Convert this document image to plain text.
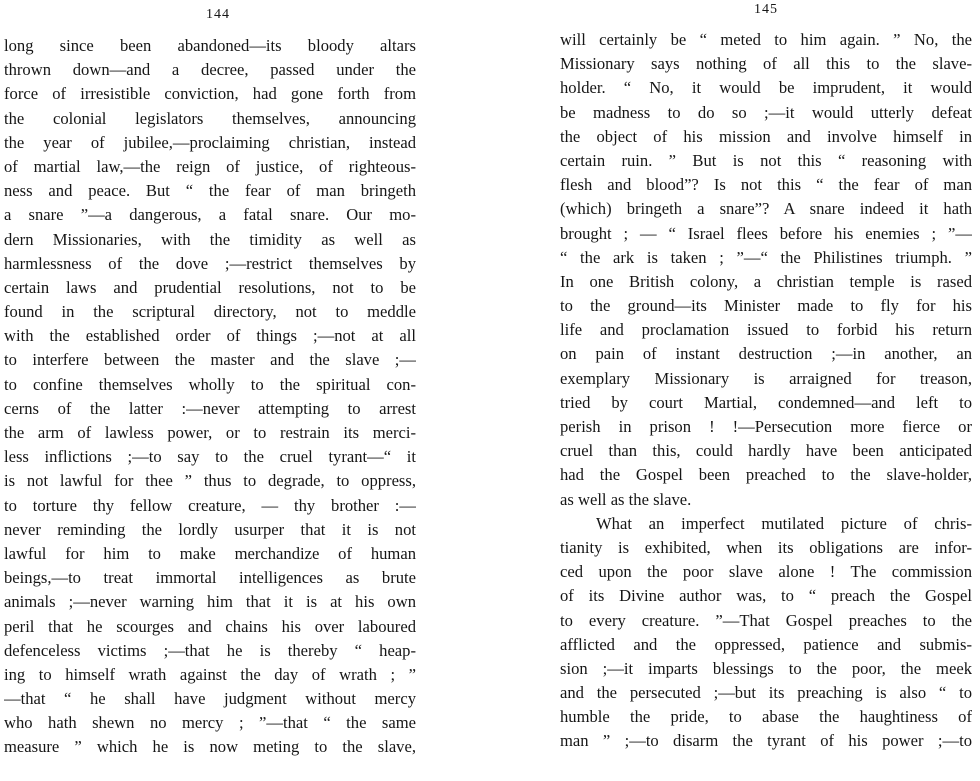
144
long since been abandoned—its bloody altars
thrown down—and a decree, passed under the
force of irresistible conviction, had gone forth from
the colonial legislators themselves, announcing
the year of jubilee,—proclaiming christian, instead
of martial law,—the reign of justice, of righteous-
ness and peace. But “ the fear of man bringeth
a snare ”—a dangerous, a fatal snare. Our mo-
dern Missionaries, with the timidity as well as
harmlessness of the dove ;—restrict themselves by
certain laws and prudential resolutions, not to be
found in the scriptural directory, not to meddle
with the established order of things ;—not at all
to interfere between the master and the slave ;—
to confine themselves wholly to the spiritual con-
cerns of the latter :—never attempting to arrest
the arm of lawless power, or to restrain its merci-
less inflictions ;—to say to the cruel tyrant—“ it
is not lawful for thee ” thus to degrade, to oppress,
to torture thy fellow creature, — thy brother :—
never reminding the lordly usurper that it is not
lawful for him to make merchandize of human
beings,—to treat immortal intelligences as brute
animals ;—never warning him that it is at his own
peril that he scourges and chains his over laboured
defenceless victims ;—that he is thereby “ heap-
ing to himself wrath against the day of wrath ; ”
—that “ he shall have judgment without mercy
who hath shewn no mercy ; ”—that “ the same
measure ” which he is now meting to the slave,
145
will certainly be “ meted to him again. ” No, the
Missionary says nothing of all this to the slave-
holder. “ No, it would be imprudent, it would
be madness to do so ;—it would utterly defeat
the object of his mission and involve himself in
certain ruin. ” But is not this “ reasoning with
flesh and blood”? Is not this “ the fear of man
(which) bringeth a snare”? A snare indeed it hath
brought ; — “ Israel flees before his enemies ; ”—
“ the ark is taken ; ”—“ the Philistines triumph. ”
In one British colony, a christian temple is rased
to the ground—its Minister made to fly for his
life and proclamation issued to forbid his return
on pain of instant destruction ;—in another, an
exemplary Missionary is arraigned for treason,
tried by court Martial, condemned—and left to
perish in prison ! !—Persecution more fierce or
cruel than this, could hardly have been anticipated
had the Gospel been preached to the slave-holder,
as well as the slave.
What an imperfect mutilated picture of chris-
tianity is exhibited, when its obligations are infor-
ced upon the poor slave alone ! The commission
of its Divine author was, to “ preach the Gospel
to every creature. ”—That Gospel preaches to the
afflicted and the oppressed, patience and submis-
sion ;—it imparts blessings to the poor, the meek
and the persecuted ;—but its preaching is also “ to
humble the pride, to abase the haughtiness of
man ” ;—to disarm the tyrant of his power ;—to
